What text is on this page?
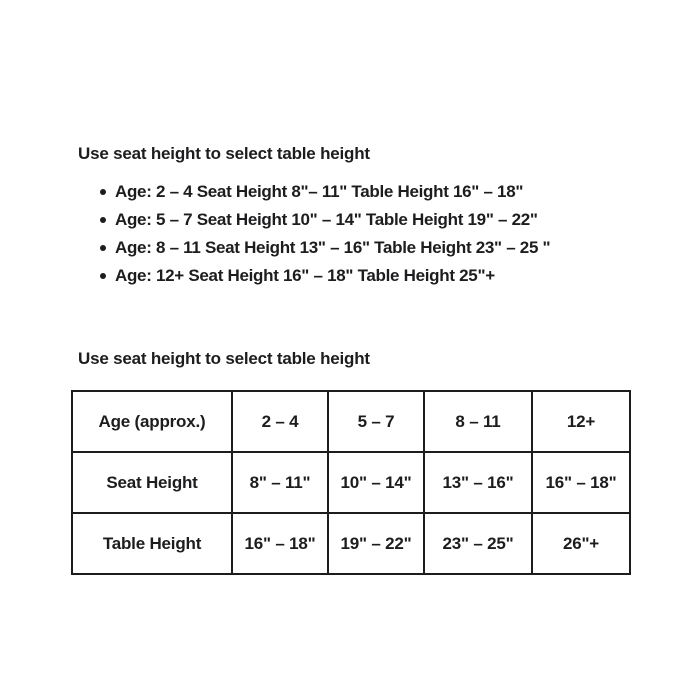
Use seat height to select table height
Age: 2 – 4 Seat Height 8"– 11" Table Height 16" – 18"
Age: 5 – 7 Seat Height 10" – 14" Table Height 19" – 22"
Age: 8 – 11 Seat Height 13" – 16" Table Height 23" – 25 "
Age: 12+ Seat Height 16" – 18" Table Height 25"+
Use seat height to select table height
Age (approx.)	2 – 4	5 – 7	8 – 11	12+
Seat Height	8" – 11"	10" – 14"	13" – 16"	16" – 18"
Table Height	16" – 18"	19" – 22"	23" – 25"	26"+
